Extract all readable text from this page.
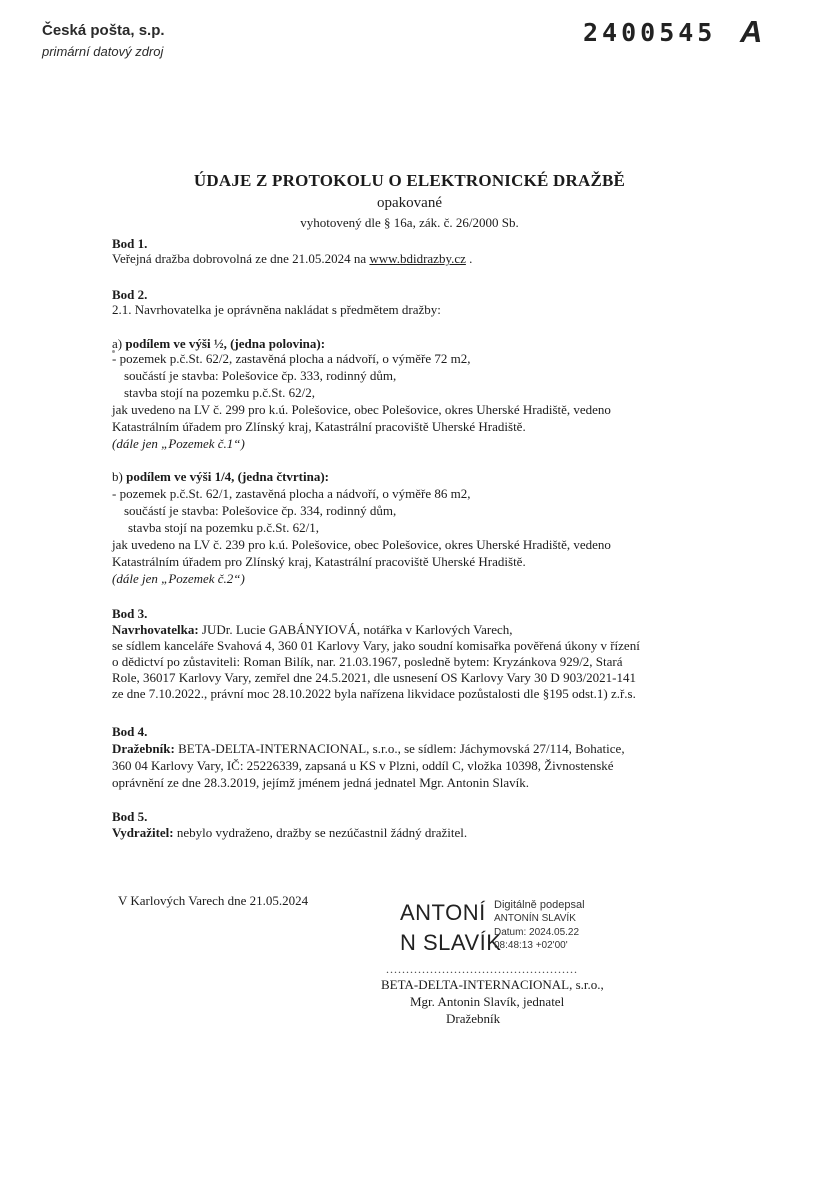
Česká pošta, s.p.
primární datový zdroj
2400545 A
ÚDAJE Z PROTOKOLU O ELEKTRONICKÉ DRAŽBĚ
opakované
vyhotovený dle § 16a, zák. č. 26/2000 Sb.
Bod 1.
Veřejná dražba dobrovolná ze dne 21.05.2024 na www.bdidrazby.cz .
Bod 2.
2.1. Navrhovatelka je oprávněna nakládat s předmětem dražby:
a) podílem ve výši ½, (jedna polovina):
- pozemek p.č.St. 62/2, zastavěná plocha a nádvoří, o výměře 72 m2,
součástí je stavba: Polešovice čp. 333, rodinný dům,
stavba stojí na pozemku p.č.St. 62/2,
jak uvedeno na LV č. 299 pro k.ú. Polešovice, obec Polešovice, okres Uherské Hradiště, vedeno
Katastrálním úřadem pro Zlínský kraj, Katastrální pracoviště Uherské Hradiště.
(dále jen „Pozemek č.1“)
b) podílem ve výši 1/4, (jedna čtvrtina):
- pozemek p.č.St. 62/1, zastavěná plocha a nádvoří, o výměře 86 m2,
součástí je stavba: Polešovice čp. 334, rodinný dům,
stavba stojí na pozemku p.č.St. 62/1,
jak uvedeno na LV č. 239 pro k.ú. Polešovice, obec Polešovice, okres Uherské Hradiště, vedeno
Katastrálním úřadem pro Zlínský kraj, Katastrální pracoviště Uherské Hradiště.
(dále jen „Pozemek č.2“)
Bod 3.
Navrhovatelka: JUDr. Lucie GABÁNYIOVÁ, notářka v Karlových Varech,
se sídlem kanceláře Svahová 4, 360 01 Karlovy Vary, jako soudní komisařka pověřená úkony v řízení
o dědictví po zůstaviteli: Roman Bilík, nar. 21.03.1967, posledně bytem: Kryzánkova 929/2, Stará
Role, 36017 Karlovy Vary, zemřel dne 24.5.2021, dle usnesení OS Karlovy Vary 30 D 903/2021-141
ze dne 7.10.2022., právní moc 28.10.2022 byla nařízena likvidace pozůstalosti dle §195 odst.1) z.ř.s.
Bod 4.
Dražebník: BETA-DELTA-INTERNACIONAL, s.r.o., se sídlem: Jáchymovská 27/114, Bohatice,
360 04 Karlovy Vary, IČ: 25226339, zapsaná u KS v Plzni, oddíl C, vložka 10398, Živnostenské
oprávnění ze dne 28.3.2019, jejímž jménem jedná jednatel Mgr. Antonin Slavík.
Bod 5.
Vydražitel: nebylo vydraženo, dražby se nezúčastnil žádný dražitel.
V Karlových Varech dne 21.05.2024	ANTONÍ
N SLAVÍK
Digitálně podepsal
ANTONÍN SLAVÍK
Datum: 2024.05.22
08:48:13 +02'00'
................................................
BETA-DELTA-INTERNACIONAL, s.r.o.,
Mgr. Antonin Slavík, jednatel
Dražebník
